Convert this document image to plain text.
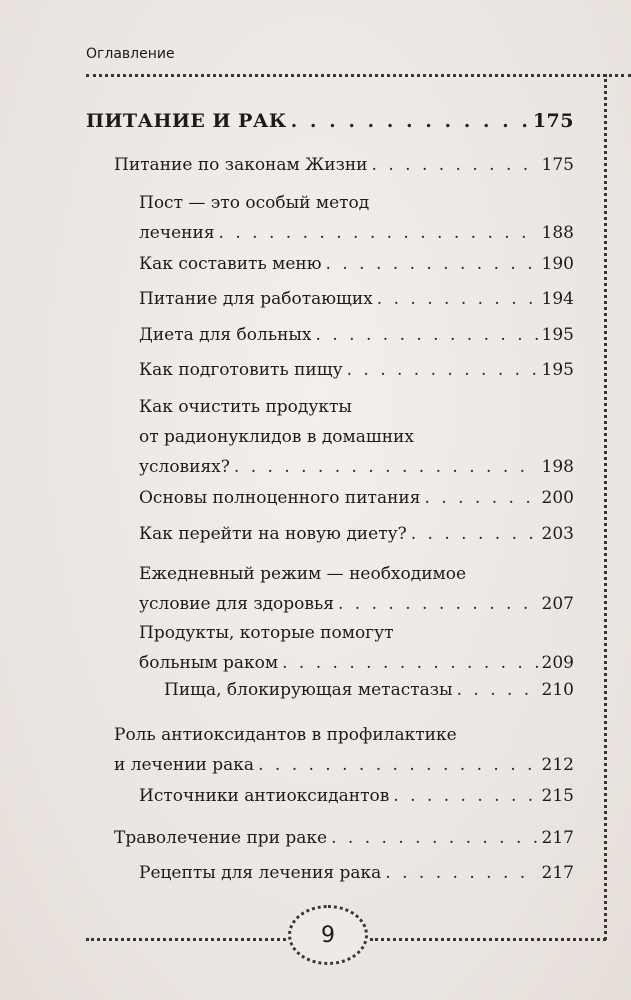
Оглавление
9
ПИТАНИЕ И РАК . . .	175
Питание по законам Жизни . . .	175
Пост — это особый метод
лечения . . .	188
Как составить меню . . .	190
Питание для работающих . . .	194
Диета для больных . . .	195
Как подготовить пищу . . .	195
Как очистить продукты
от радионуклидов в домашних
условиях? . . .	198
Основы полноценного питания . . .	200
Как перейти на новую диету? . . .	203
Ежедневный режим — необходимое
условие для здоровья . . .	207
Продукты, которые помогут
больным раком . . .	209
Пища, блокирующая метастазы . . .	210
Роль антиоксидантов в профилактике
и лечении рака . . .	212
Источники антиоксидантов . . .	215
Траволечение при раке . . .	217
Рецепты для лечения рака . . .	217
